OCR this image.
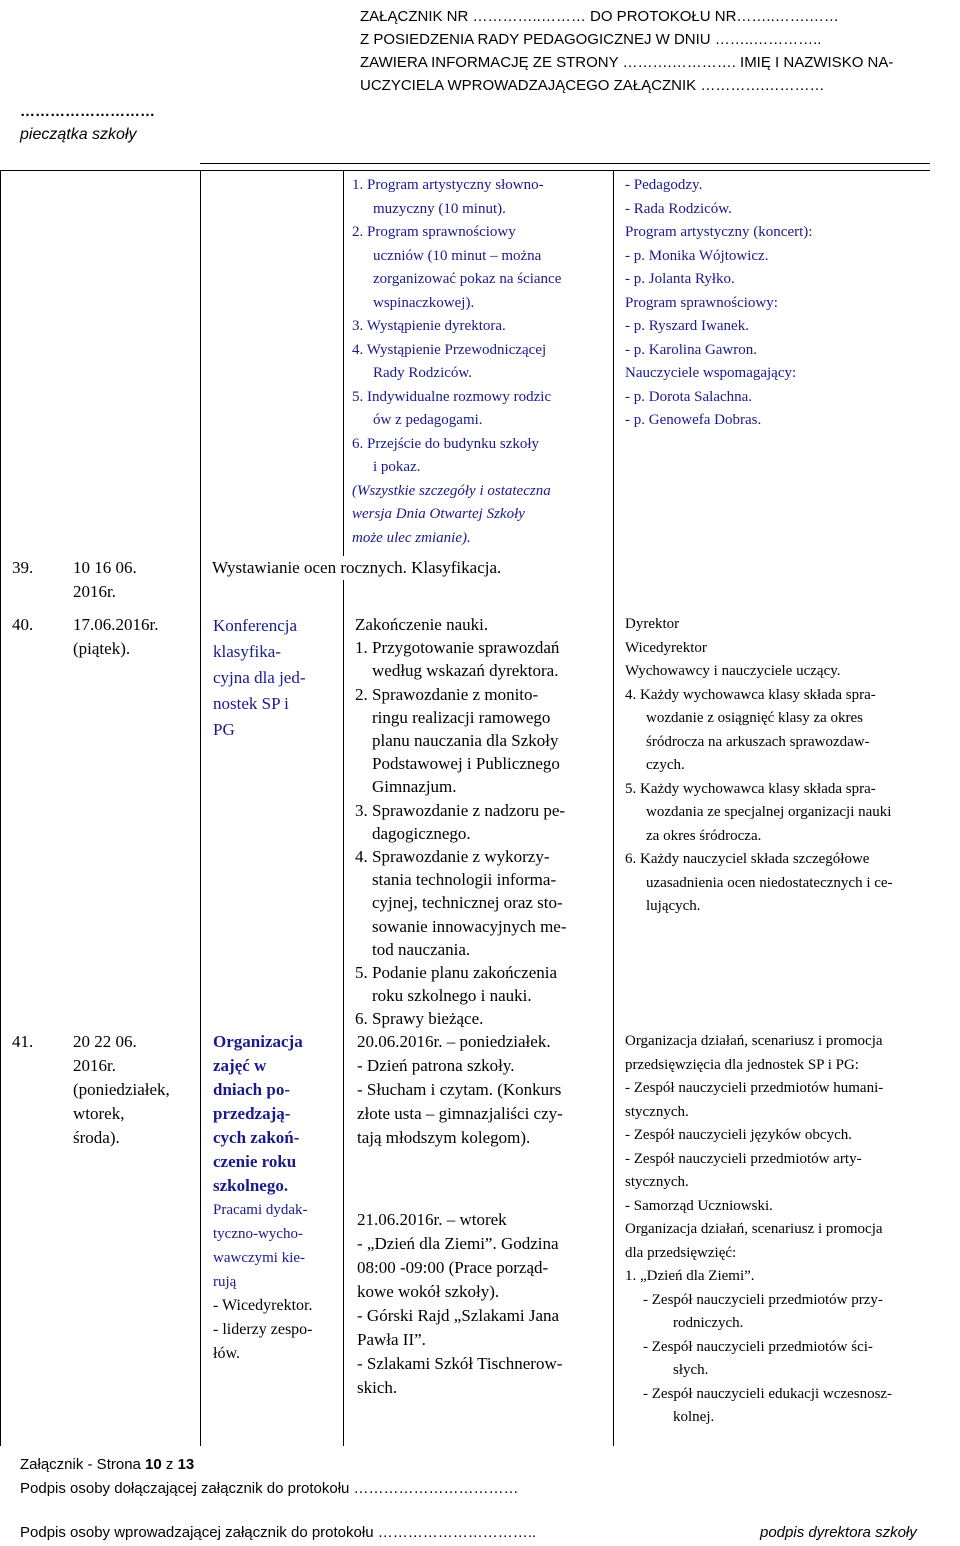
ZAŁĄCZNIK NR …………..……… DO PROTOKOŁU NR……..…….……
Z POSIEDZENIA RADY PEDAGOGICZNEJ W DNIU ……..…………..
ZAWIERA INFORMACJĘ ZE STRONY ……….…………. IMIĘ I NAZWISKO NA-
UCZYCIELA WPROWADZAJĄCEGO ZAŁĄCZNIK ………….…………
………………………
pieczątka szkoły
1. Program artystyczny słowno-
muzyczny (10 minut).
2. Program sprawnościowy
uczniów (10 minut – można
zorganizować pokaz na ściance
wspinaczkowej).
3. Wystąpienie dyrektora.
4. Wystąpienie Przewodniczącej
Rady Rodziców.
5. Indywidualne rozmowy rodzic
ów z pedagogami.
6. Przejście do budynku szkoły
i pokaz.
(Wszystkie szczegóły i ostateczna
wersja Dnia Otwartej Szkoły
może ulec zmianie).
- Pedagodzy.
- Rada Rodziców.
Program artystyczny (koncert):
- p. Monika Wójtowicz.
- p. Jolanta Ryłko.
Program sprawnościowy:
- p. Ryszard Iwanek.
- p. Karolina Gawron.
Nauczyciele wspomagający:
- p. Dorota Salachna.
- p. Genowefa Dobras.
39. 10 16 06.
2016r.
Wystawianie ocen rocznych. Klasyfikacja.
40. 17.06.2016r.
(piątek).
Konferencja
klasyfika-
cyjna dla jed-
nostek SP i
PG
Zakończenie nauki.
1. Przygotowanie sprawozdań
według wskazań dyrektora.
2. Sprawozdanie z monito-
ringu realizacji ramowego
planu nauczania dla Szkoły
Podstawowej i Publicznego
Gimnazjum.
3. Sprawozdanie z nadzoru pe-
dagogicznego.
4. Sprawozdanie z wykorzy-
stania technologii informa-
cyjnej, technicznej oraz sto-
sowanie innowacyjnych me-
tod nauczania.
5. Podanie planu zakończenia
roku szkolnego i nauki.
6. Sprawy bieżące.
Dyrektor
Wicedyrektor
Wychowawcy i nauczyciele uczący.
4. Każdy wychowawca klasy składa spra-
wozdanie z osiągnięć klasy za okres
śródrocza na arkuszach sprawozdaw-
czych.
5. Każdy wychowawca klasy składa spra-
wozdania ze specjalnej organizacji nauki
za okres śródrocza.
6. Każdy nauczyciel składa szczegółowe
uzasadnienia ocen niedostatecznych i ce-
lujących.
41. 20 22 06.
2016r.
(poniedziałek,
wtorek,
środa).
Organizacja
zajęć w
dniach po-
przedzają-
cych zakoń-
czenie roku
szkolnego.
Pracami dydak-
tyczno-wycho-
wawczymi kie-
rują
- Wicedyrektor.
- liderzy zespo-
łów.
20.06.2016r. – poniedziałek.
- Dzień patrona szkoły.
- Słucham i czytam. (Konkurs
złote usta – gimnazjaliści czy-
tają młodszym kolegom).
21.06.2016r. – wtorek
- „Dzień dla Ziemi”. Godzina
08:00 -09:00 (Prace porząd-
kowe wokół szkoły).
- Górski Rajd „Szlakami Jana
Pawła II”.
- Szlakami Szkół Tischnerow-
skich.
Organizacja działań, scenariusz i promocja
przedsięwzięcia dla jednostek SP i PG:
- Zespół nauczycieli przedmiotów humani-
stycznych.
- Zespół nauczycieli języków obcych.
- Zespół nauczycieli przedmiotów arty-
stycznych.
- Samorząd Uczniowski.
Organizacja działań, scenariusz i promocja
dla przedsięwzięć:
1. „Dzień dla Ziemi”.
- Zespół nauczycieli przedmiotów przy-
rodniczych.
- Zespół nauczycieli przedmiotów ści-
słych.
- Zespół nauczycieli edukacji wczesnosz-
kolnej.
Załącznik - Strona 10 z 13
Podpis osoby dołączającej załącznik do protokołu ……………………………
Podpis osoby wprowadzającej załącznik do protokołu …………………………..	podpis dyrektora szkoły
